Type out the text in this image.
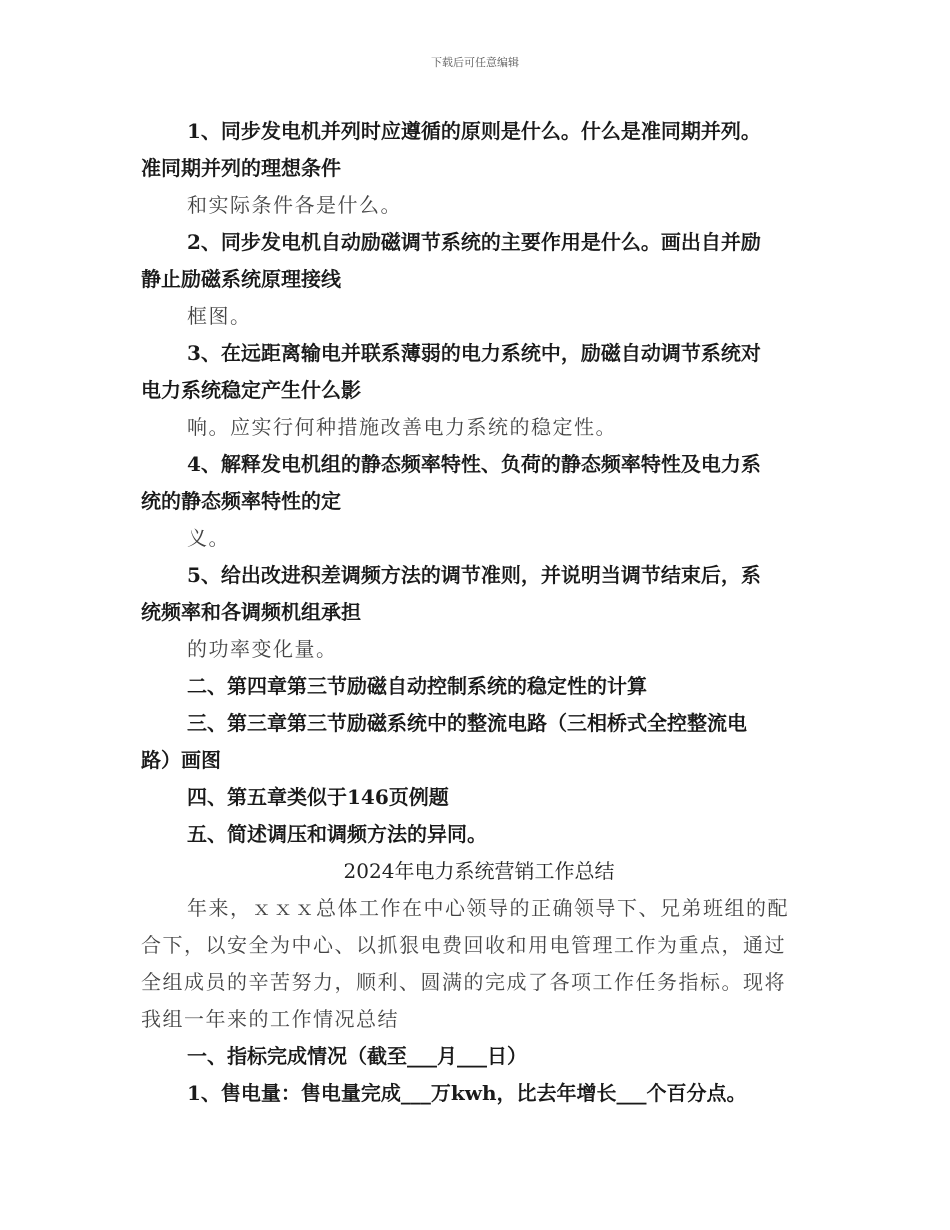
下载后可任意编辑

1、同步发电机并列时应遵循的原则是什么。什么是准同期并列。

准同期并列的理想条件

和实际条件各是什么。

2、同步发电机自动励磁调节系统的主要作用是什么。画出自并励

静止励磁系统原理接线

框图。

3、在远距离输电并联系薄弱的电力系统中，励磁自动调节系统对

电力系统稳定产生什么影

响。应实行何种措施改善电力系统的稳定性。

4、解释发电机组的静态频率特性、负荷的静态频率特性及电力系

统的静态频率特性的定

义。

5、给出改进积差调频方法的调节准则，并说明当调节结束后，系

统频率和各调频机组承担

的功率变化量。

二、第四章第三节励磁自动控制系统的稳定性的计算

三、第三章第三节励磁系统中的整流电路（三相桥式全控整流电

路）画图

四、第五章类似于146页例题

五、简述调压和调频方法的异同。

2024年电力系统营销工作总结

年来，ｘｘｘ总体工作在中心领导的正确领导下、兄弟班组的配

合下，以安全为中心、以抓狠电费回收和用电管理工作为重点，通过

全组成员的辛苦努力，顺利、圆满的完成了各项工作任务指标。现将

我组一年来的工作情况总结

一、指标完成情况（截至___月___日）

1、售电量：售电量完成___万kwh，比去年增长___个百分点。
